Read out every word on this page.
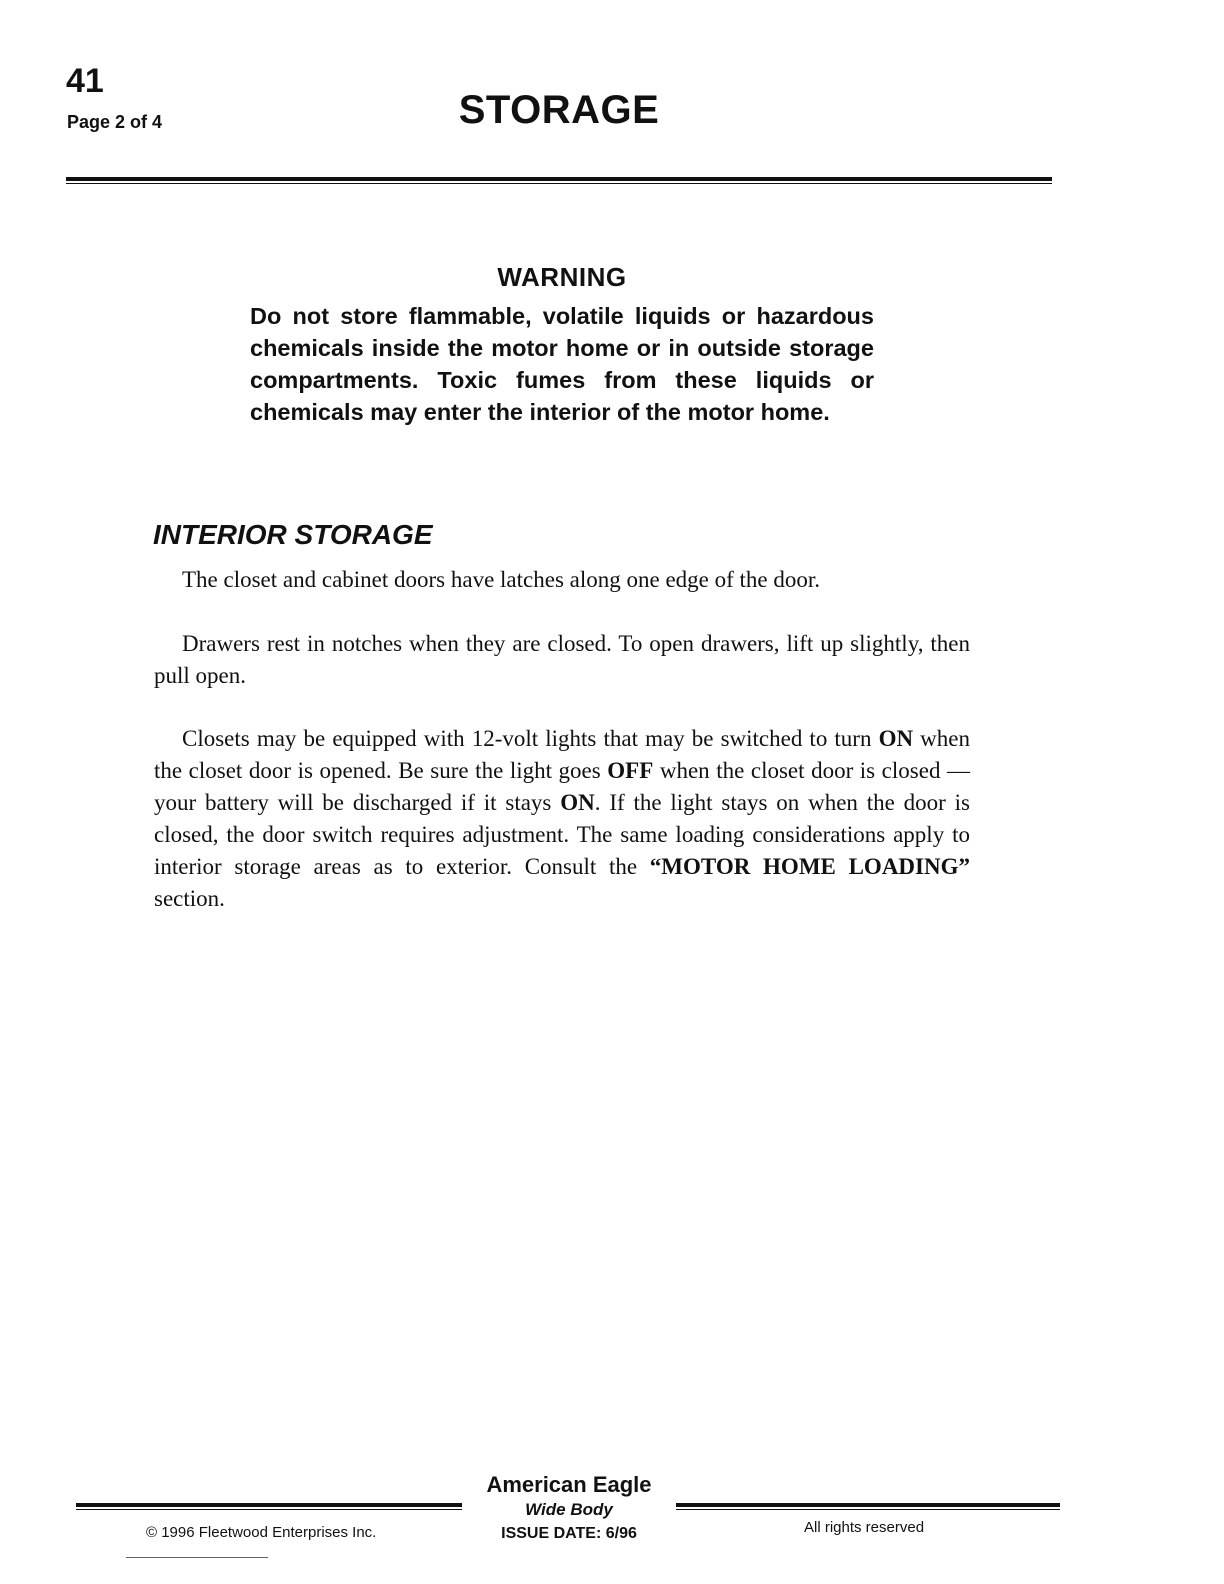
41
Page 2 of 4	STORAGE
WARNING
Do not store flammable, volatile liquids or hazardous chemicals inside the motor home or in outside storage compartments. Toxic fumes from these liquids or chemicals may enter the interior of the motor home.
INTERIOR STORAGE

The closet and cabinet doors have latches along one edge of the door.

Drawers rest in notches when they are closed. To open drawers, lift up slightly, then pull open.

Closets may be equipped with 12-volt lights that may be switched to turn ON when the closet door is opened. Be sure the light goes OFF when the closet door is closed — your battery will be discharged if it stays ON. If the light stays on when the door is closed, the door switch requires adjustment. The same loading considerations apply to interior storage areas as to exterior. Consult the “MOTOR HOME LOADING” section.

American Eagle
Wide Body
ISSUE DATE: 6/96
© 1996 Fleetwood Enterprises Inc.	All rights reserved
